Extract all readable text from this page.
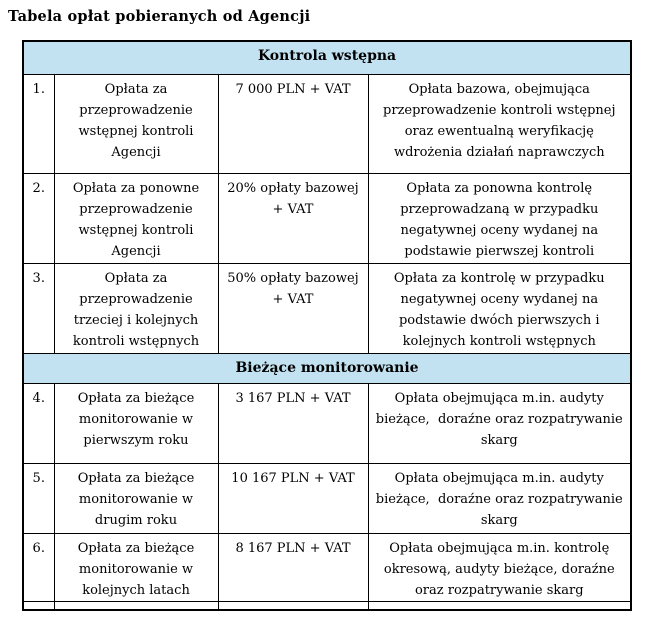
Tabela opłat pobieranych od Agencji
Kontrola wstępna			
1.	Opłata za przeprowadzenie wstępnej kontroli Agencji	7 000 PLN + VAT	Opłata bazowa, obejmująca przeprowadzenie kontroli wstępnej oraz ewentualną weryfikację wdrożenia działań naprawczych
2.	Opłata za ponowne przeprowadzenie wstępnej kontroli Agencji	20% opłaty bazowej + VAT	Opłata za ponowna kontrolę przeprowadzaną w przypadku negatywnej oceny wydanej na podstawie pierwszej kontroli
3.	Opłata za przeprowadzenie trzeciej i kolejnych kontroli wstępnych	50% opłaty bazowej + VAT	Opłata za kontrolę w przypadku negatywnej oceny wydanej na podstawie dwóch pierwszych i kolejnych kontroli wstępnych
Bieżące monitorowanie			
4.	Opłata za bieżące monitorowanie w pierwszym roku	3 167 PLN + VAT	Opłata obejmująca m.in. audyty bieżące,  doraźne oraz rozpatrywanie skarg
5.	Opłata za bieżące monitorowanie w drugim roku	10 167 PLN + VAT	Opłata obejmująca m.in. audyty bieżące,  doraźne oraz rozpatrywanie skarg
6.	Opłata za bieżące monitorowanie w kolejnych latach	8 167 PLN + VAT	Opłata obejmująca m.in. kontrolę okresową, audyty bieżące, doraźne oraz rozpatrywanie skarg
